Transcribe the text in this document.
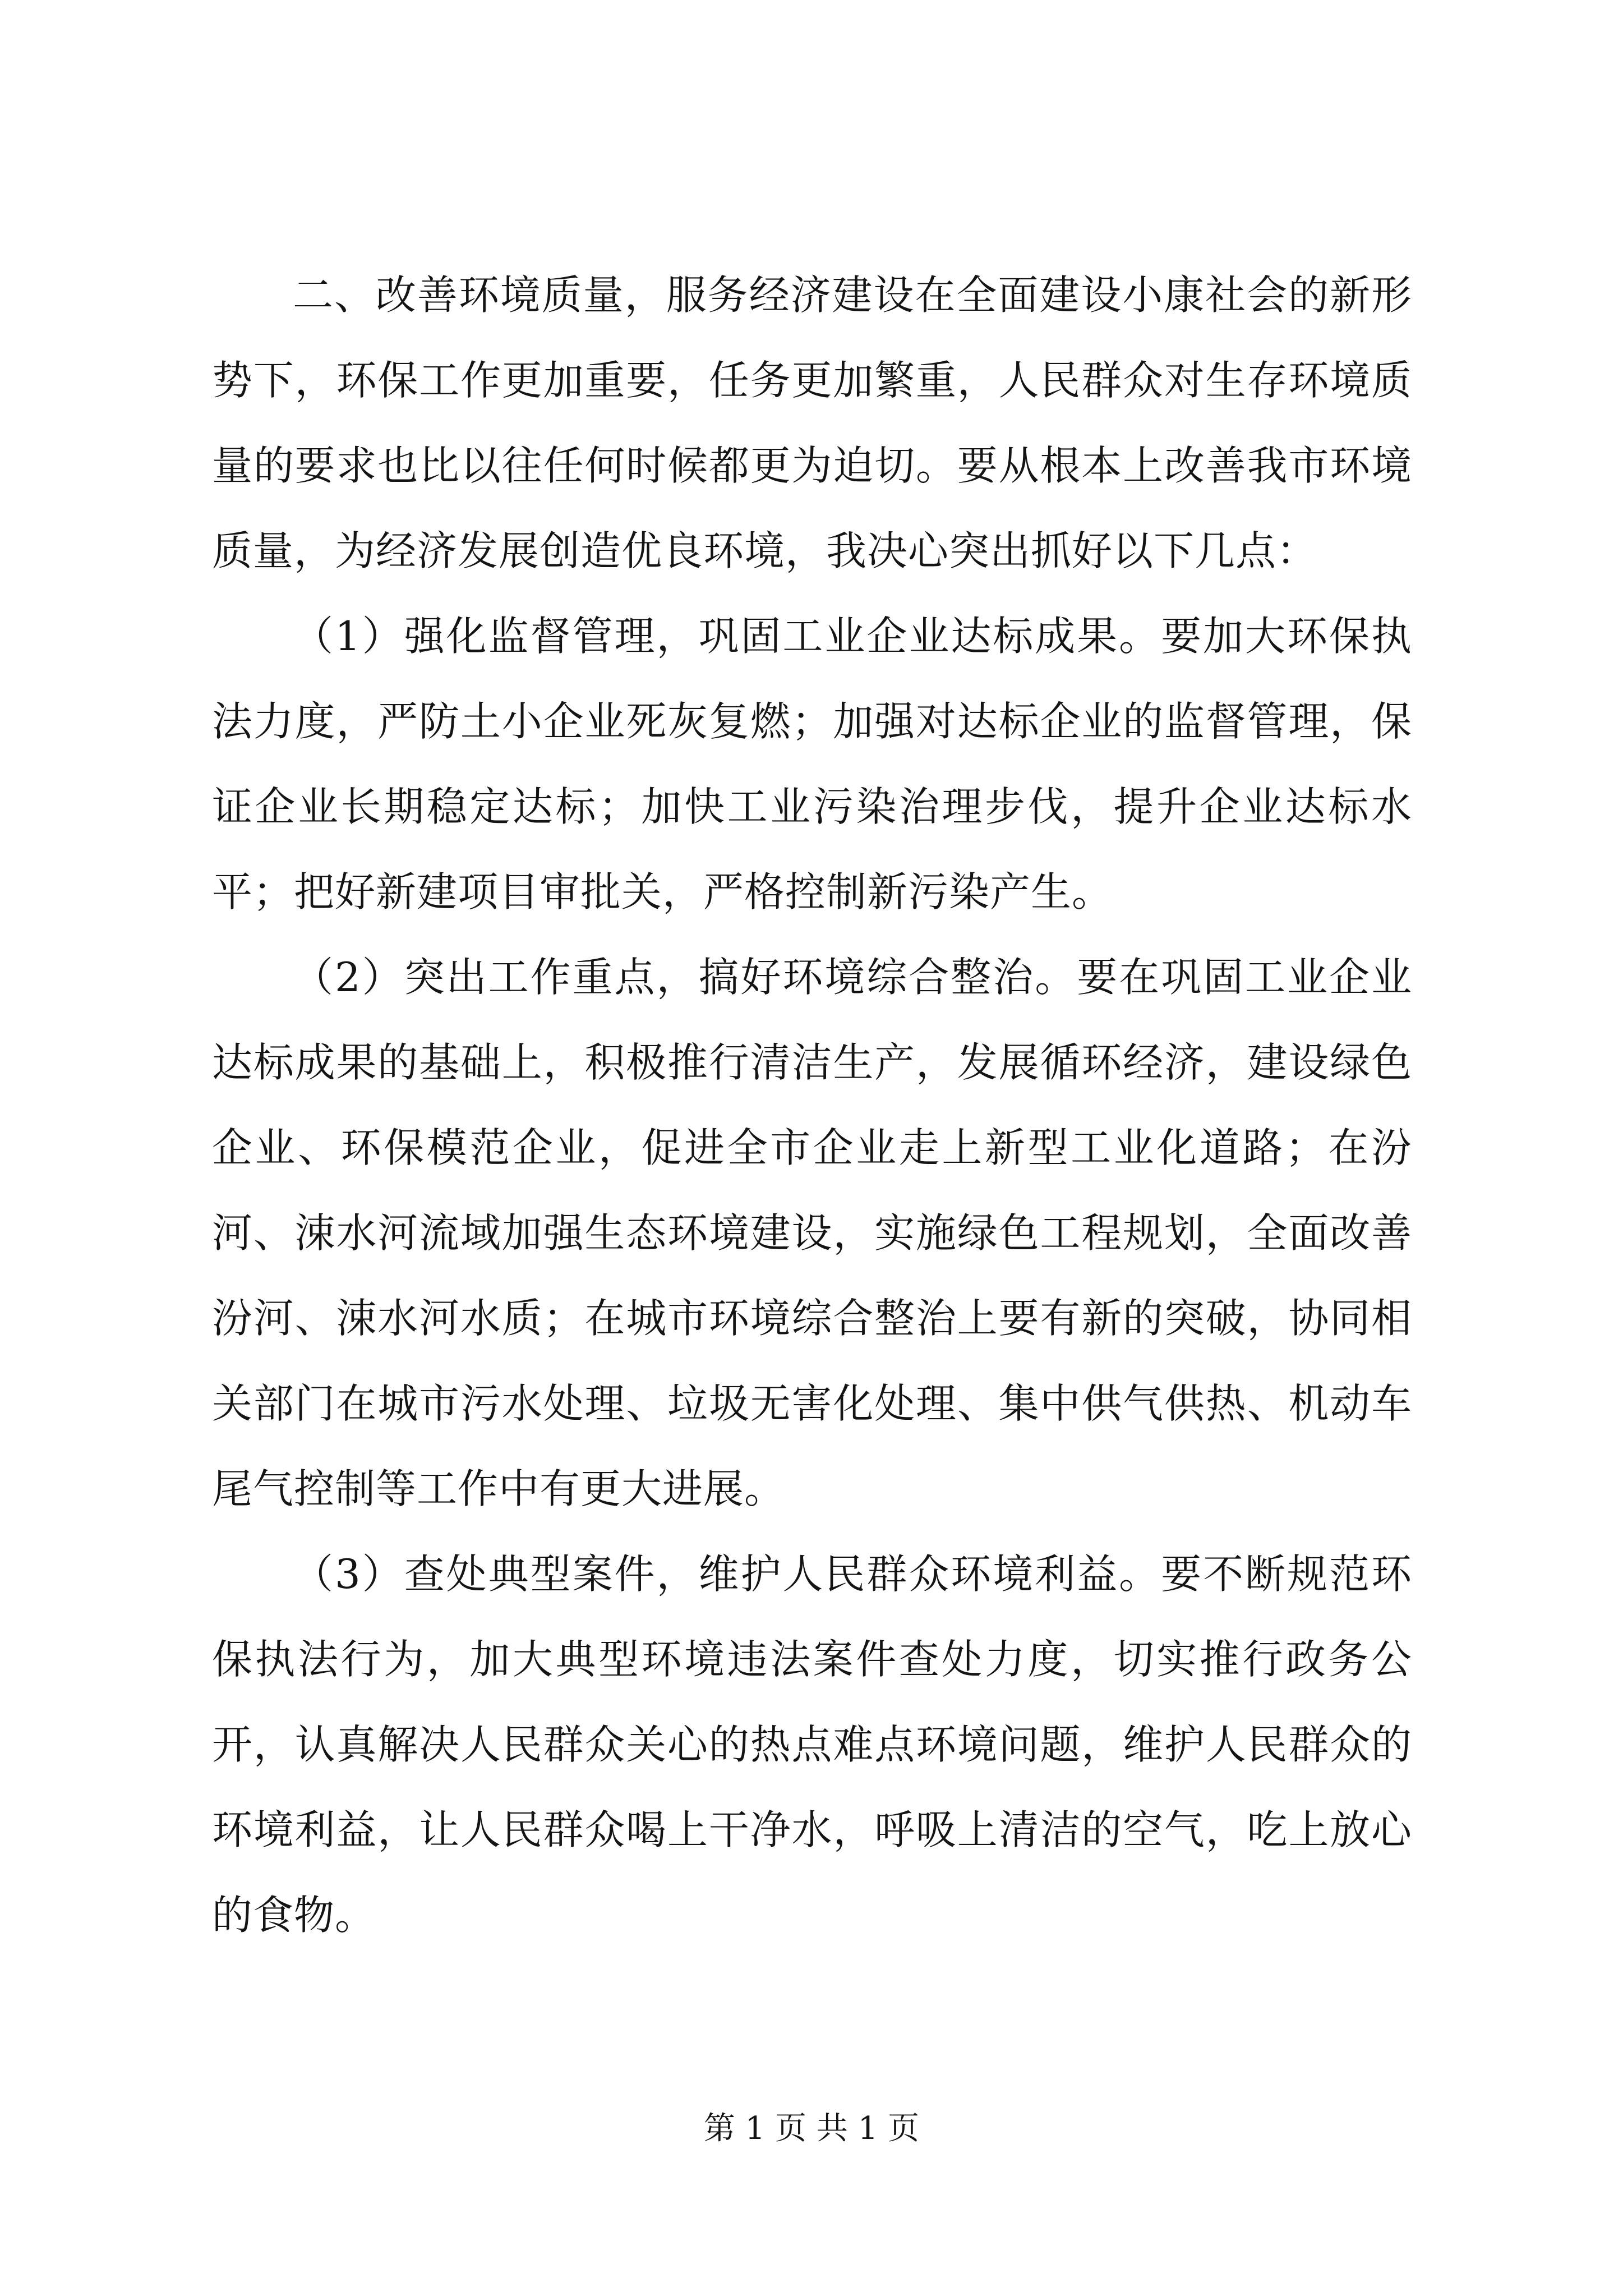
二、改善环境质量，服务经济建设在全面建设小康社会的新形势下，环保工作更加重要，任务更加繁重，人民群众对生存环境质量的要求也比以往任何时候都更为迫切。要从根本上改善我市环境质量，为经济发展创造优良环境，我决心突出抓好以下几点：

（1）强化监督管理，巩固工业企业达标成果。要加大环保执法力度，严防土小企业死灰复燃；加强对达标企业的监督管理，保证企业长期稳定达标；加快工业污染治理步伐，提升企业达标水平；把好新建项目审批关，严格控制新污染产生。

（2）突出工作重点，搞好环境综合整治。要在巩固工业企业达标成果的基础上，积极推行清洁生产，发展循环经济，建设绿色企业、环保模范企业，促进全市企业走上新型工业化道路；在汾河、涑水河流域加强生态环境建设，实施绿色工程规划，全面改善汾河、涑水河水质；在城市环境综合整治上要有新的突破，协同相关部门在城市污水处理、垃圾无害化处理、集中供气供热、机动车尾气控制等工作中有更大进展。

（3）查处典型案件，维护人民群众环境利益。要不断规范环保执法行为，加大典型环境违法案件查处力度，切实推行政务公开，认真解决人民群众关心的热点难点环境问题，维护人民群众的环境利益，让人民群众喝上干净水，呼吸上清洁的空气，吃上放心的食物。

第 1 页 共 1 页
